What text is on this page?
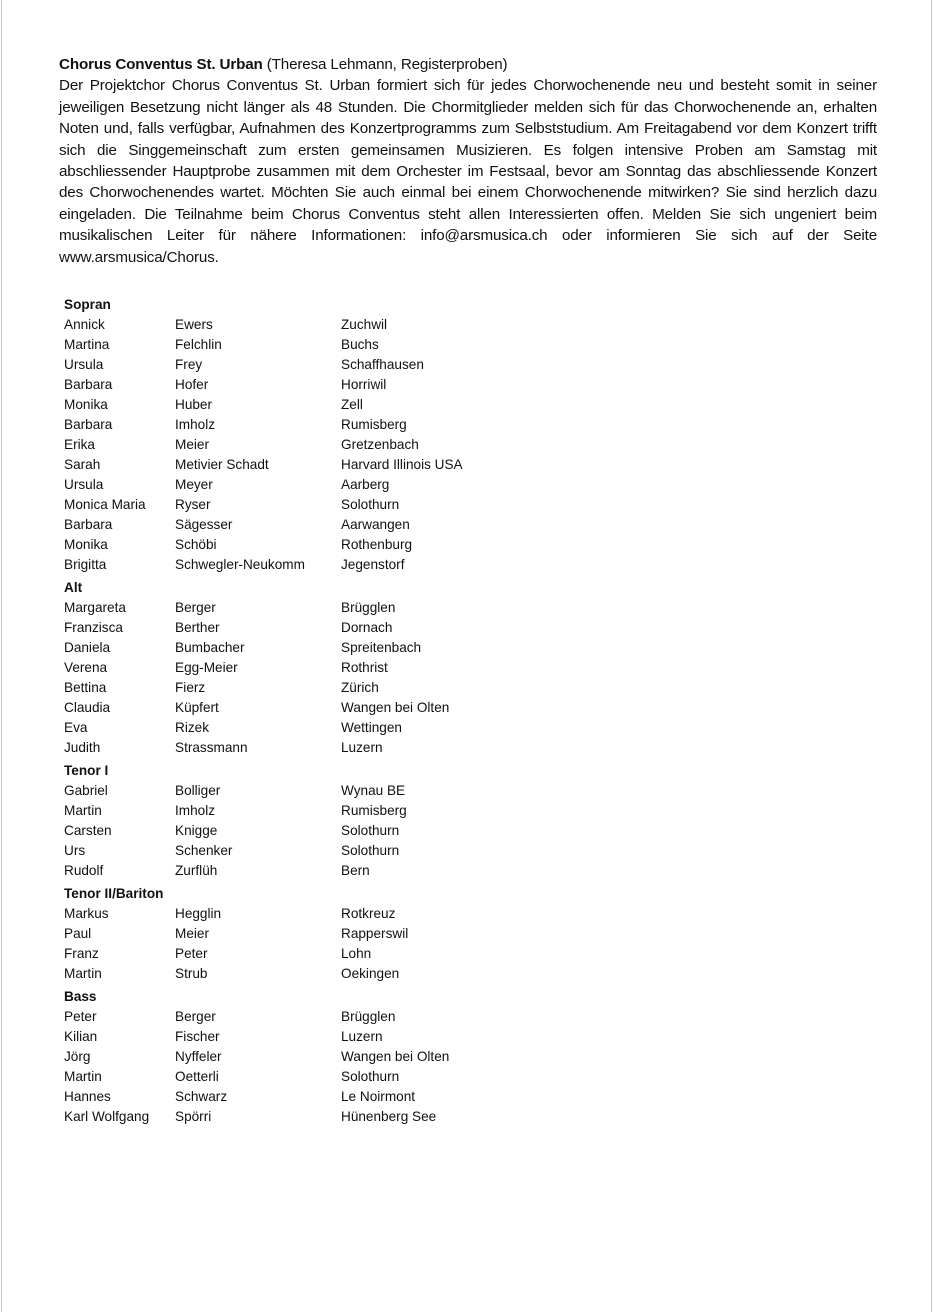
Chorus Conventus St. Urban (Theresa Lehmann, Registerproben)
Der Projektchor Chorus Conventus St. Urban formiert sich für jedes Chorwochenende neu und besteht somit in seiner jeweiligen Besetzung nicht länger als 48 Stunden. Die Chormitglieder melden sich für das Chorwochenende an, erhalten Noten und, falls verfügbar, Aufnahmen des Konzertprogramms zum Selbststudium. Am Freitagabend vor dem Konzert trifft sich die Singgemeinschaft zum ersten gemeinsamen Musizieren. Es folgen intensive Proben am Samstag mit abschliessender Hauptprobe zusammen mit dem Orchester im Festsaal, bevor am Sonntag das abschliessende Konzert des Chorwochenendes wartet. Möchten Sie auch einmal bei einem Chorwochenende mitwirken? Sie sind herzlich dazu eingeladen. Die Teilnahme beim Chorus Conventus steht allen Interessierten offen. Melden Sie sich ungeniert beim musikalischen Leiter für nähere Informationen: info@arsmusica.ch oder informieren Sie sich auf der Seite www.arsmusica/Chorus.

Sopran
Annick	Ewers	Zuchwil
Martina	Felchlin	Buchs
Ursula	Frey	Schaffhausen
Barbara	Hofer	Horriwil
Monika	Huber	Zell
Barbara	Imholz	Rumisberg
Erika	Meier	Gretzenbach
Sarah	Metivier Schadt	Harvard Illinois USA
Ursula	Meyer	Aarberg
Monica Maria	Ryser	Solothurn
Barbara	Sägesser	Aarwangen
Monika	Schöbi	Rothenburg
Brigitta	Schwegler-Neukomm	Jegenstorf
Alt
Margareta	Berger	Brügglen
Franzisca	Berther	Dornach
Daniela	Bumbacher	Spreitenbach
Verena	Egg-Meier	Rothrist
Bettina	Fierz	Zürich
Claudia	Küpfert	Wangen bei Olten
Eva	Rizek	Wettingen
Judith	Strassmann	Luzern
Tenor I
Gabriel	Bolliger	Wynau BE
Martin	Imholz	Rumisberg
Carsten	Knigge	Solothurn
Urs	Schenker	Solothurn
Rudolf	Zurflüh	Bern
Tenor II/Bariton
Markus	Hegglin	Rotkreuz
Paul	Meier	Rapperswil
Franz	Peter	Lohn
Martin	Strub	Oekingen
Bass
Peter	Berger	Brügglen
Kilian	Fischer	Luzern
Jörg	Nyffeler	Wangen bei Olten
Martin	Oetterli	Solothurn
Hannes	Schwarz	Le Noirmont
Karl Wolfgang	Spörri	Hünenberg See
